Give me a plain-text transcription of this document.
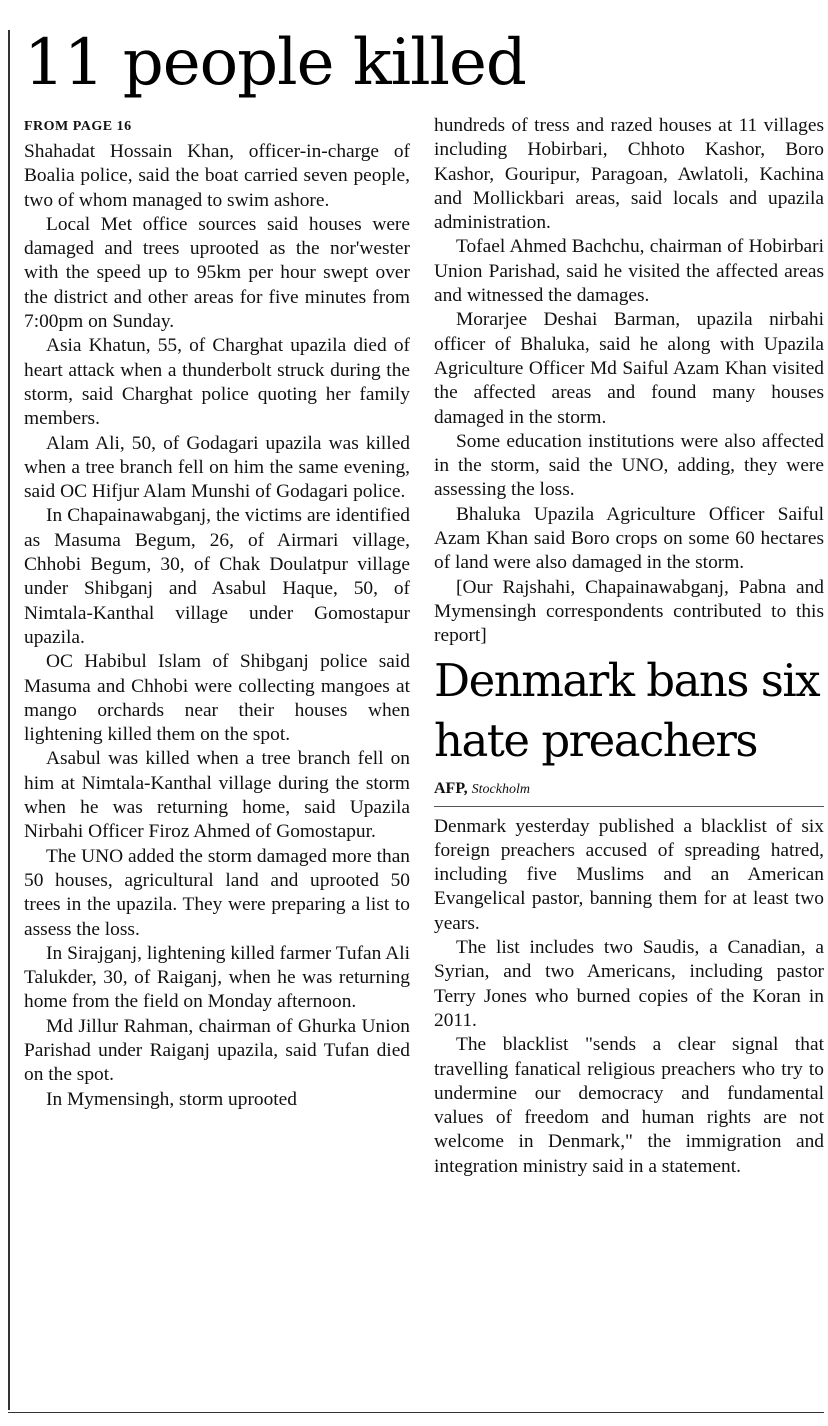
11 people killed
FROM PAGE 16

Shahadat Hossain Khan, officer-in-charge of Boalia police, said the boat carried seven people, two of whom managed to swim ashore.

Local Met office sources said houses were damaged and trees uprooted as the nor'wester with the speed up to 95km per hour swept over the district and other areas for five minutes from 7:00pm on Sunday.

Asia Khatun, 55, of Charghat upazila died of heart attack when a thunderbolt struck during the storm, said Charghat police quoting her family members.

Alam Ali, 50, of Godagari upazila was killed when a tree branch fell on him the same evening, said OC Hifjur Alam Munshi of Godagari police.

In Chapainawabganj, the victims are identified as Masuma Begum, 26, of Airmari village, Chhobi Begum, 30, of Chak Doulatpur village under Shibganj and Asabul Haque, 50, of Nimtala-Kanthal village under Gomostapur upazila.

OC Habibul Islam of Shibganj police said Masuma and Chhobi were collecting mangoes at mango orchards near their houses when lightening killed them on the spot.

Asabul was killed when a tree branch fell on him at Nimtala-Kanthal village during the storm when he was returning home, said Upazila Nirbahi Officer Firoz Ahmed of Gomostapur.

The UNO added the storm damaged more than 50 houses, agricultural land and uprooted 50 trees in the upazila. They were preparing a list to assess the loss.

In Sirajganj, lightening killed farmer Tufan Ali Talukder, 30, of Raiganj, when he was returning home from the field on Monday afternoon.

Md Jillur Rahman, chairman of Ghurka Union Parishad under Raiganj upazila, said Tufan died on the spot.

In Mymensingh, storm uprooted

hundreds of tress and razed houses at 11 villages including Hobirbari, Chhoto Kashor, Boro Kashor, Gouripur, Paragoan, Awlatoli, Kachina and Mollickbari areas, said locals and upazila administration.

Tofael Ahmed Bachchu, chairman of Hobirbari Union Parishad, said he visited the affected areas and witnessed the damages.

Morarjee Deshai Barman, upazila nirbahi officer of Bhaluka, said he along with Upazila Agriculture Officer Md Saiful Azam Khan visited the affected areas and found many houses damaged in the storm.

Some education institutions were also affected in the storm, said the UNO, adding, they were assessing the loss.

Bhaluka Upazila Agriculture Officer Saiful Azam Khan said Boro crops on some 60 hectares of land were also damaged in the storm.

[Our Rajshahi, Chapainawabganj, Pabna and Mymensingh correspondents contributed to this report]

Denmark bans six
hate preachers
AFP, Stockholm

Denmark yesterday published a blacklist of six foreign preachers accused of spreading hatred, including five Muslims and an American Evangelical pastor, banning them for at least two years.

The list includes two Saudis, a Canadian, a Syrian, and two Americans, including pastor Terry Jones who burned copies of the Koran in 2011.

The blacklist "sends a clear signal that travelling fanatical religious preachers who try to undermine our democracy and fundamental values of freedom and human rights are not welcome in Denmark," the immigration and integration ministry said in a statement.
